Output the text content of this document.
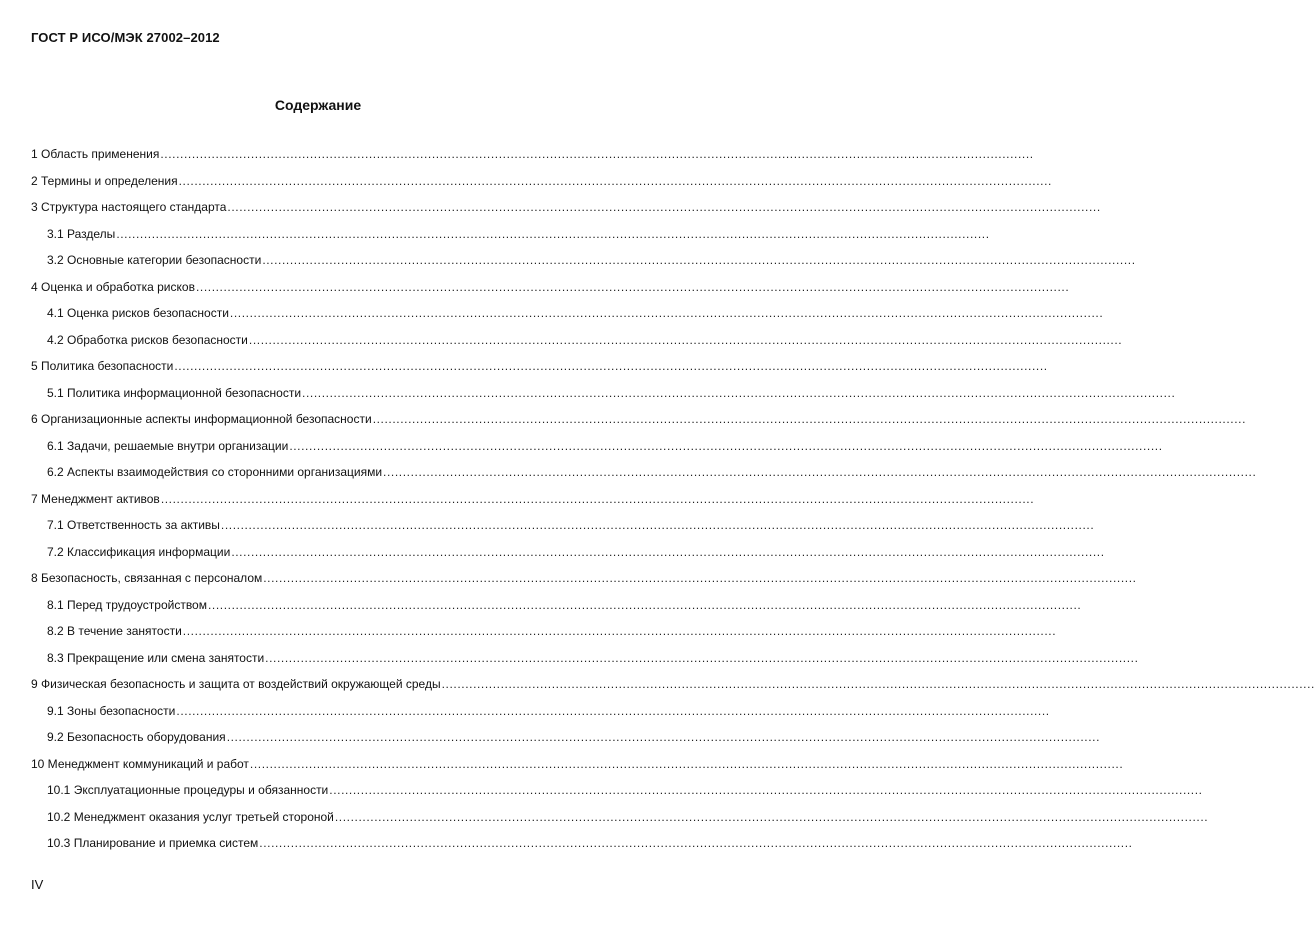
ГОСТ Р ИСО/МЭК 27002–2012
Содержание
1 Область применения ..............................................................................................................................................................................................................................
2 Термины и определения ..............................................................................................................................................................................................................................
3 Структура настоящего стандарта ..............................................................................................................................................................................................................................
3.1 Разделы ..............................................................................................................................................................................................................................
3.2 Основные категории безопасности ..............................................................................................................................................................................................................................
4 Оценка и обработка рисков ..............................................................................................................................................................................................................................
4.1 Оценка рисков безопасности ..............................................................................................................................................................................................................................
4.2 Обработка рисков безопасности ..............................................................................................................................................................................................................................
5 Политика безопасности ..............................................................................................................................................................................................................................
5.1 Политика информационной безопасности ..............................................................................................................................................................................................................................
6 Организационные аспекты информационной безопасности ..............................................................................................................................................................................................................................
6.1 Задачи, решаемые внутри организации ..............................................................................................................................................................................................................................
6.2 Аспекты взаимодействия со сторонними организациями ..............................................................................................................................................................................................................................
7 Менеджмент активов ..............................................................................................................................................................................................................................
7.1 Ответственность за активы ..............................................................................................................................................................................................................................
7.2 Классификация информации ..............................................................................................................................................................................................................................
8 Безопасность, связанная с персоналом ..............................................................................................................................................................................................................................
8.1 Перед трудоустройством ..............................................................................................................................................................................................................................
8.2 В течение занятости ..............................................................................................................................................................................................................................
8.3 Прекращение или смена занятости ..............................................................................................................................................................................................................................
9 Физическая безопасность и защита от воздействий окружающей среды ..............................................................................................................................................................................................................................
9.1 Зоны безопасности ..............................................................................................................................................................................................................................
9.2 Безопасность оборудования ..............................................................................................................................................................................................................................
10 Менеджмент коммуникаций и работ ..............................................................................................................................................................................................................................
10.1 Эксплуатационные процедуры и обязанности ..............................................................................................................................................................................................................................
10.2 Менеджмент оказания услуг третьей стороной ..............................................................................................................................................................................................................................
10.3 Планирование и приемка систем ..............................................................................................................................................................................................................................
IV
